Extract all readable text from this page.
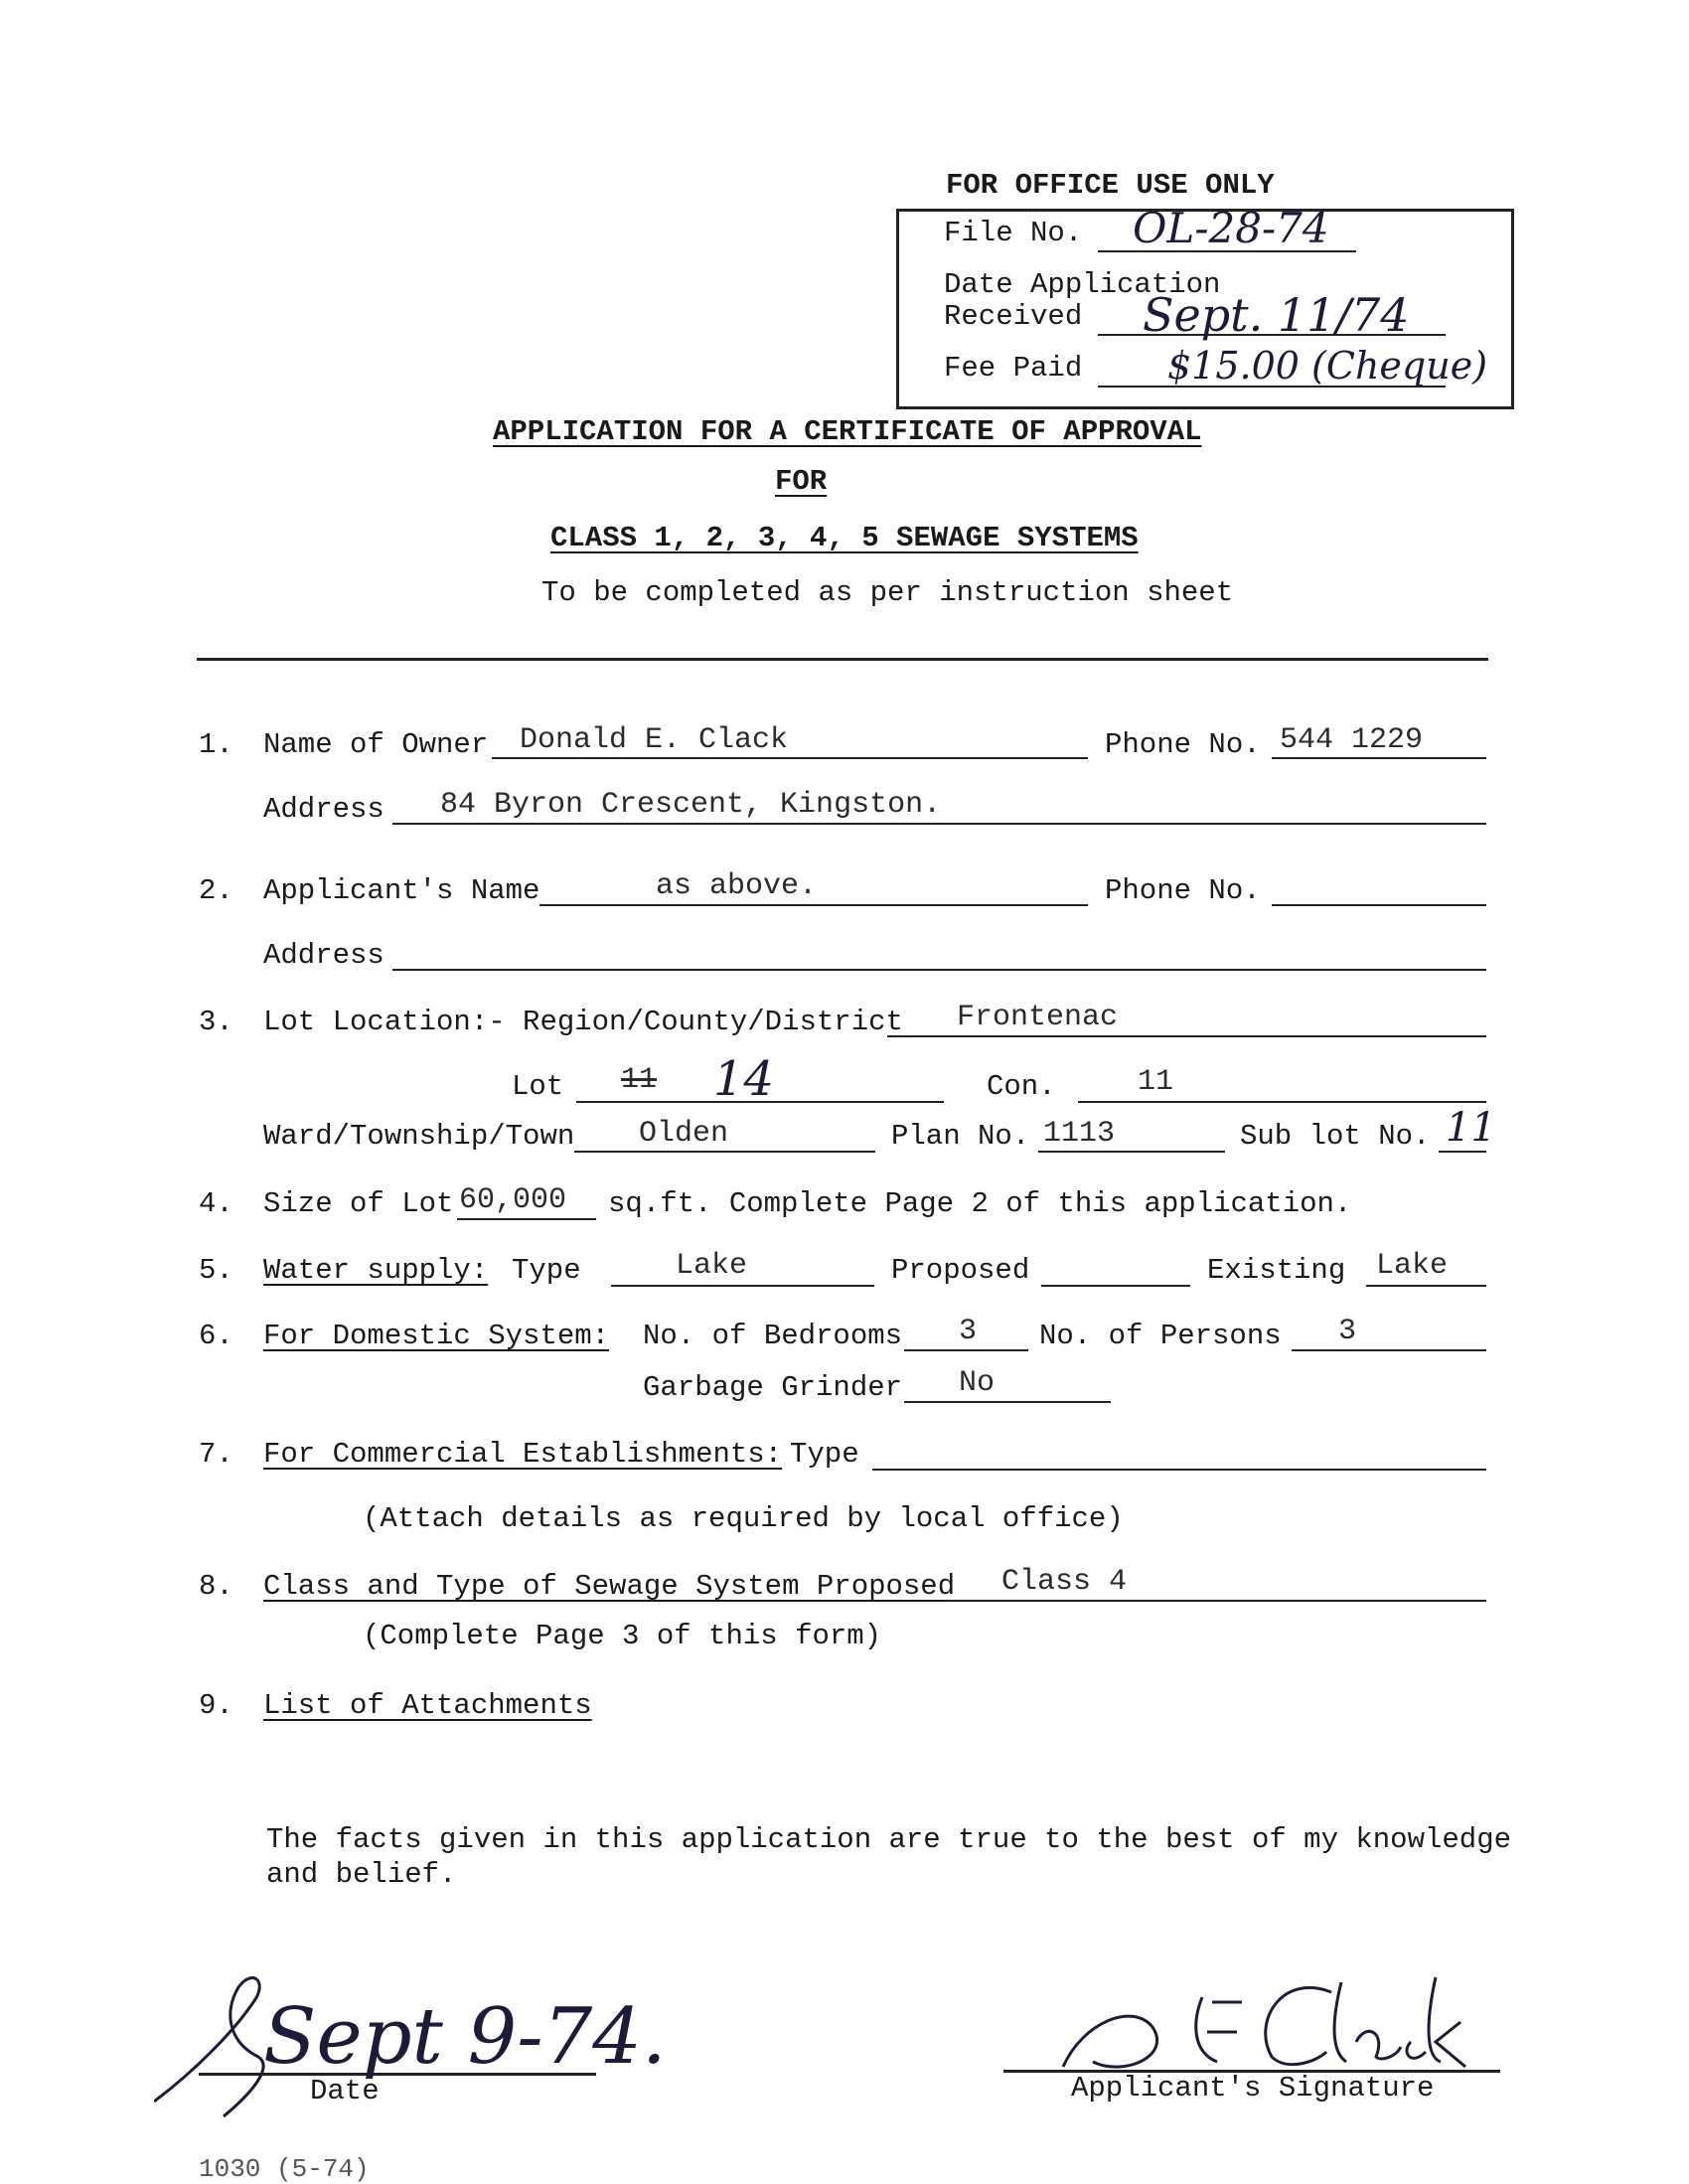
FOR OFFICE USE ONLY
File No. OL-28-74
Date Application
Received Sept. 11/74
Fee Paid $15.00 (Cheque)
APPLICATION FOR A CERTIFICATE OF APPROVAL
FOR
CLASS 1, 2, 3, 4, 5 SEWAGE SYSTEMS
To be completed as per instruction sheet
1. Name of Owner Donald E. Clack	Phone No. 544 1229
Address 84 Byron Crescent, Kingston.
2. Applicant's Name	as above.	Phone No.
Address
3. Lot Location:- Region/County/District Frontenac
Lot 11 14	Con.	11
Ward/Township/Town Olden	Plan No. 1113	Sub lot No. 11
4. Size of Lot 60,000 sq.ft. Complete Page 2 of this application.
5. Water supply: Type	Lake	Proposed	Existing Lake
6. For Domestic System: No. of Bedrooms 3 No. of Persons 3
Garbage Grinder No
7. For Commercial Establishments: Type
(Attach details as required by local office)
8. Class and Type of Sewage System Proposed Class 4
(Complete Page 3 of this form)
9. List of Attachments
The facts given in this application are true to the best of my knowledge
and belief.
Sept 9-74.
Date	Applicant's Signature
1030 (5-74)
